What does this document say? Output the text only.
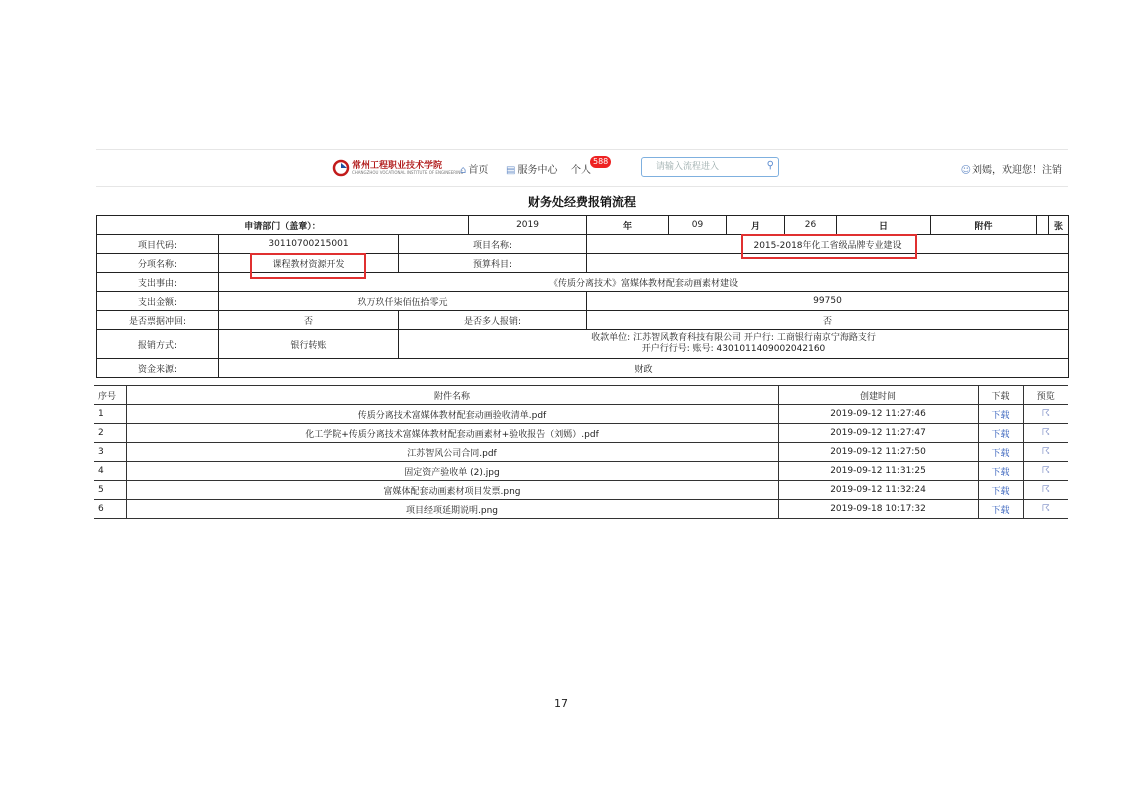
常州工程职业技术学院
CHANGZHOU VOCATIONAL INSTITUTE OF ENGINEERING
⌂ 首页 ▤ 服务中心 个人
588
请输入流程进入	⚲	☺刘嫣，欢迎您！注销
财务处经费报销流程
申请部门（盖章）：	2019	年	09	月	26	日	附件		张
项目代码:	30110700215001	项目名称:	2015-2018年化工省级品牌专业建设
分项名称:	课程教材资源开发	预算科目:	
支出事由:	《传质分离技术》富媒体教材配套动画素材建设		
支出金额:	玖万玖仟柒佰伍拾零元		99750
是否票据冲回:	否	是否多人报销:	否
报销方式:	银行转账	收款单位: 江苏智风教育科技有限公司 开户行: 工商银行南京宁海路支行
开户行行号: 账号: 4301011409002042160	

资金来源:	财政		
序号	附件名称	创建时间	下载	预览
1	传质分离技术富媒体教材配套动画验收清单.pdf	2019-09-12 11:27:46	下载	☈
2	化工学院+传质分离技术富媒体教材配套动画素材+验收报告（刘嫣）.pdf	2019-09-12 11:27:47	下载	☈
3	江苏智风公司合同.pdf	2019-09-12 11:27:50	下载	☈
4	固定资产验收单 (2).jpg	2019-09-12 11:31:25	下载	☈
5	富媒体配套动画素材项目发票.png	2019-09-12 11:32:24	下载	☈
6	项目经项延期说明.png	2019-09-18 10:17:32	下载	☈
17
